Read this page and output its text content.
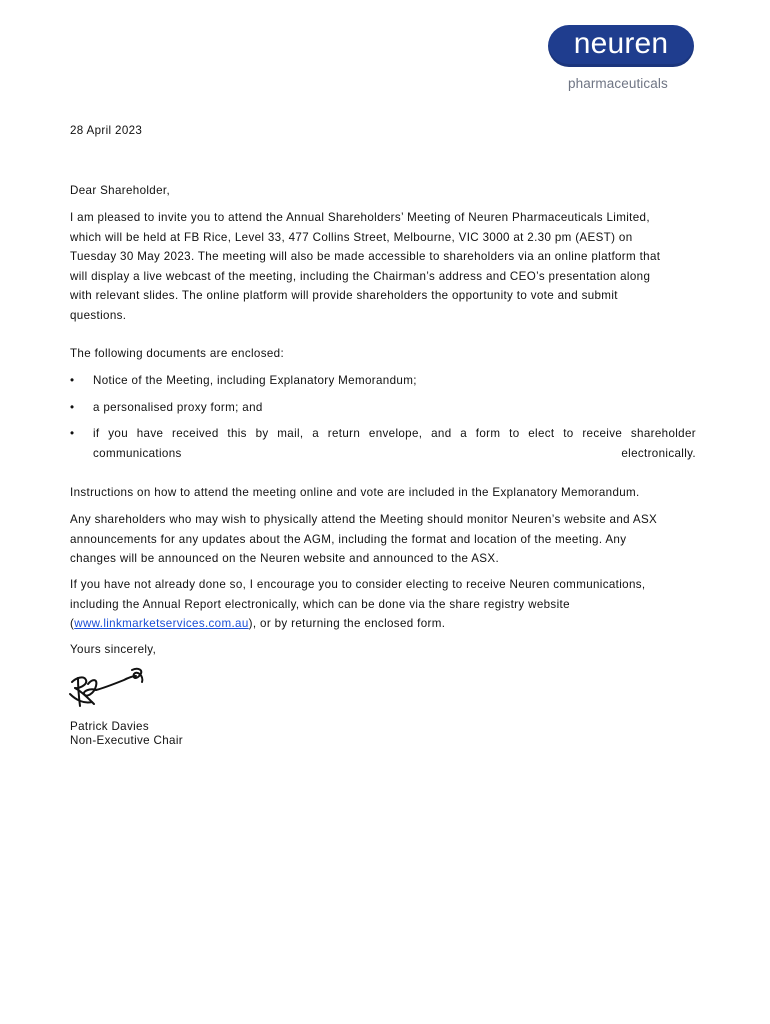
neuren
pharmaceuticals
28 April 2023
Dear Shareholder,
I am pleased to invite you to attend the Annual Shareholders’ Meeting of Neuren Pharmaceuticals Limited,
which will be held at FB Rice, Level 33, 477 Collins Street, Melbourne, VIC 3000 at 2.30 pm (AEST) on
Tuesday 30 May 2023. The meeting will also be made accessible to shareholders via an online platform that
will display a live webcast of the meeting, including the Chairman’s address and CEO’s presentation along
with relevant slides. The online platform will provide shareholders the opportunity to vote and submit
questions.
The following documents are enclosed:
• Notice of the Meeting, including Explanatory Memorandum;
• a personalised proxy form; and
• if you have received this by mail, a return envelope, and a form to elect to receive shareholder communications electronically.
Instructions on how to attend the meeting online and vote are included in the Explanatory Memorandum.
Any shareholders who may wish to physically attend the Meeting should monitor Neuren’s website and ASX
announcements for any updates about the AGM, including the format and location of the meeting. Any
changes will be announced on the Neuren website and announced to the ASX.
If you have not already done so, I encourage you to consider electing to receive Neuren communications,
including the Annual Report electronically, which can be done via the share registry website
(www.linkmarketservices.com.au), or by returning the enclosed form.
Yours sincerely,
Patrick Davies
Non-Executive Chair
